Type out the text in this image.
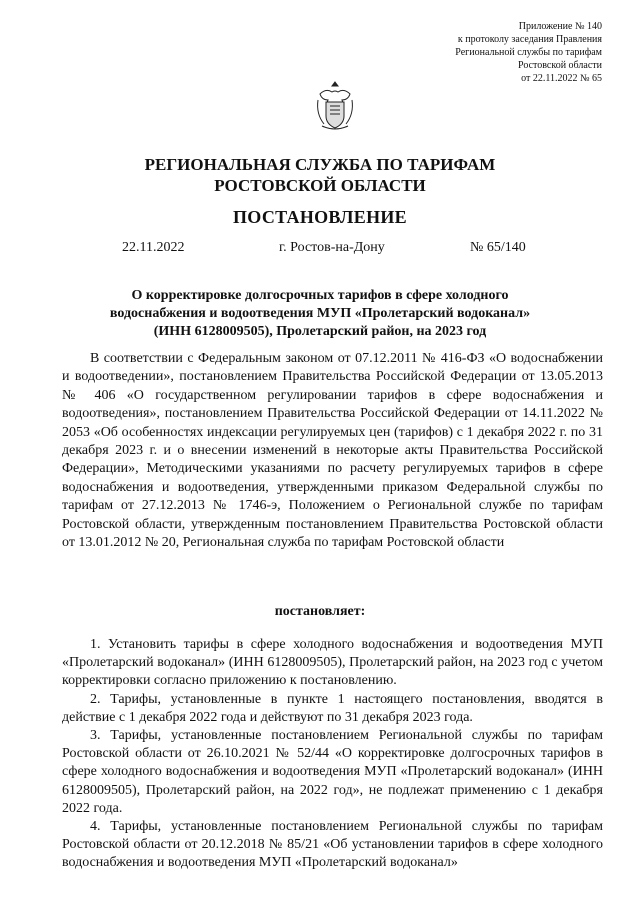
Приложение № 140
к протоколу заседания Правления
Региональной службы по тарифам
Ростовской области
от 22.11.2022 № 65
РЕГИОНАЛЬНАЯ СЛУЖБА ПО ТАРИФАМ
РОСТОВСКОЙ ОБЛАСТИ
ПОСТАНОВЛЕНИЕ
22.11.2022	г. Ростов-на-Дону	№ 65/140
О корректировке долгосрочных тарифов в сфере холодного
водоснабжения и водоотведения МУП «Пролетарский водоканал»
(ИНН 6128009505), Пролетарский район, на 2023 год

В соответствии с Федеральным законом от 07.12.2011 № 416-ФЗ «О водоснабжении и водоотведении», постановлением Правительства Российской Федерации от 13.05.2013 № 406 «О государственном регулировании тарифов в сфере водоснабжения и водоотведения», постановлением Правительства Российской Федерации от 14.11.2022 № 2053 «Об особенностях индексации регулируемых цен (тарифов) с 1 декабря 2022 г. по 31 декабря 2023 г. и о внесении изменений в некоторые акты Правительства Российской Федерации», Методическими указаниями по расчету регулируемых тарифов в сфере водоснабжения и водоотведения, утвержденными приказом Федеральной службы по тарифам от 27.12.2013 № 1746-э, Положением о Региональной службе по тарифам Ростовской области, утвержденным постановлением Правительства Ростовской области от 13.01.2012 № 20, Региональная служба по тарифам Ростовской области

постановляет:

1. Установить тарифы в сфере холодного водоснабжения и водоотведения МУП «Пролетарский водоканал» (ИНН 6128009505), Пролетарский район, на 2023 год с учетом корректировки согласно приложению к постановлению.

2. Тарифы, установленные в пункте 1 настоящего постановления, вводятся в действие с 1 декабря 2022 года и действуют по 31 декабря 2023 года.

3. Тарифы, установленные постановлением Региональной службы по тарифам Ростовской области от 26.10.2021 № 52/44 «О корректировке долгосрочных тарифов в сфере холодного водоснабжения и водоотведения МУП «Пролетарский водоканал» (ИНН 6128009505), Пролетарский район, на 2022 год», не подлежат применению с 1 декабря 2022 года.

4. Тарифы, установленные постановлением Региональной службы по тарифам Ростовской области от 20.12.2018 № 85/21 «Об установлении тарифов в сфере холодного водоснабжения и водоотведения МУП «Пролетарский водоканал»
